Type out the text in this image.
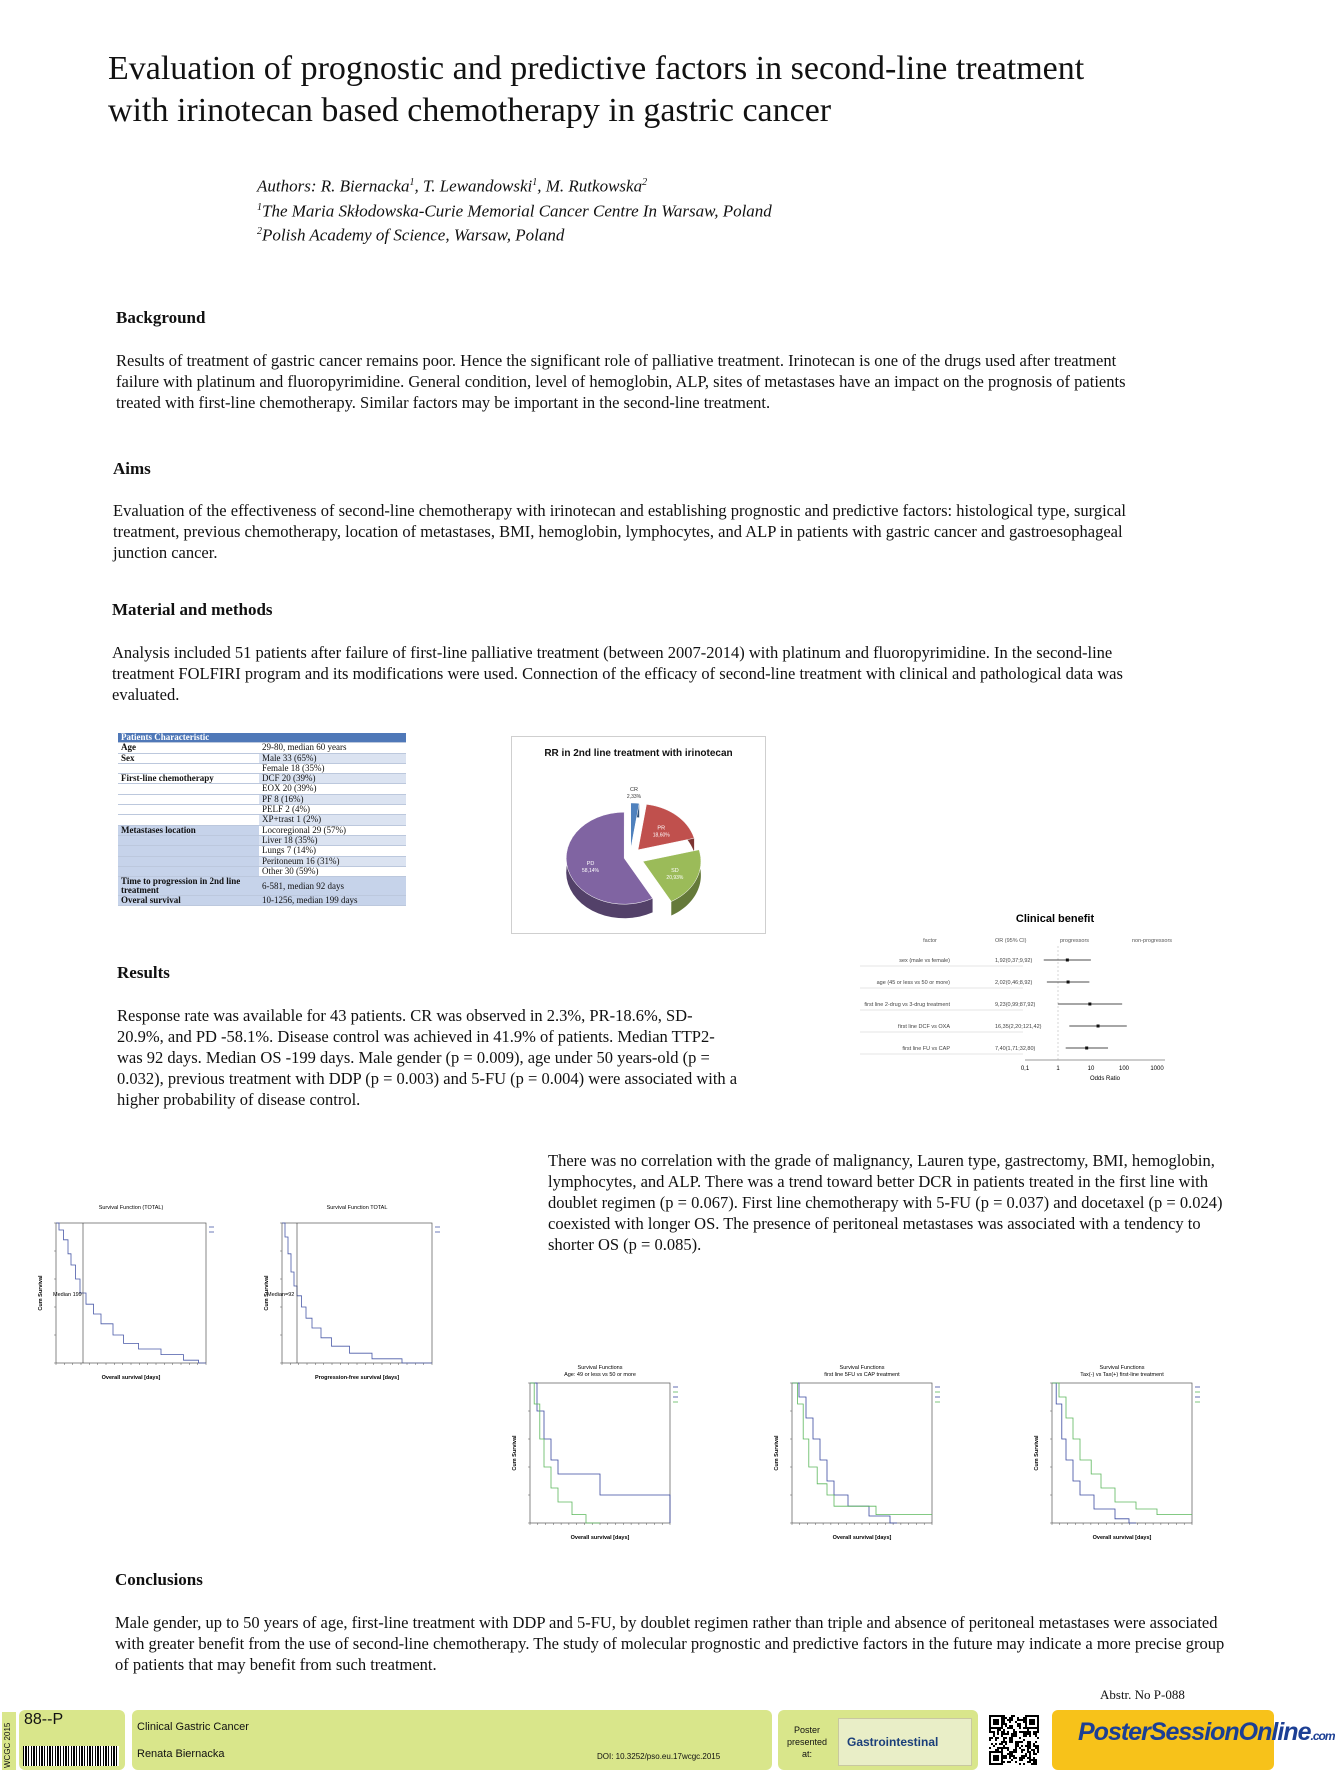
Evaluation of prognostic and predictive factors in second-line treatment
with irinotecan based chemotherapy in gastric cancer
Authors: R. Biernacka$^1$, T. Lewandowski$^1$, M. Rutkowska$^2$
$^1$The Maria Skłodowska-Curie Memorial Cancer Centre In Warsaw, Poland
$^2$Polish Academy of Science, Warsaw, Poland
Background
Results of treatment of gastric cancer remains poor. Hence the significant role of palliative treatment. Irinotecan is one of the drugs used after treatment failure with platinum and fluoropyrimidine. General condition, level of hemoglobin, ALP, sites of metastases have an impact on the prognosis of patients treated with first-line chemotherapy. Similar factors may be important in the second-line treatment.
Aims
Evaluation of the effectiveness of second-line chemotherapy with irinotecan and establishing prognostic and predictive factors: histological type, surgical treatment, previous chemotherapy, location of metastases, BMI, hemoglobin, lymphocytes, and ALP in patients with gastric cancer and gastroesophageal junction cancer.
Material and methods
Analysis included 51 patients after failure of first-line palliative treatment (between 2007-2014) with platinum and fluoropyrimidine. In the second-line treatment FOLFIRI program and its modifications were used. Connection of the efficacy of second-line treatment with clinical and pathological data was evaluated.
Patients Characteristic	
Age	29-80, median 60 years
Sex	Male 33 (65%)
	Female 18 (35%)
First-line chemotherapy	DCF 20 (39%)
	EOX 20 (39%)
	PF 8 (16%)
	PELF 2 (4%)
	XP+trast 1 (2%)
Metastases location	Locoregional 29 (57%)
	Liver 18 (35%)
	Lungs 7 (14%)
	Peritoneum 16 (31%)
	Other 30 (59%)
Time to progression in 2nd line treatment	6-581, median 92 days
Overal survival	10-1256, median 199 days
RR in 2nd line treatment with irinotecan
CR
2,33%
PR
18,60%
SD
20,93%
PD
58,14%
Clinical benefit
factor	OR (95% CI)	progressors	non-progressors
0,1	1	10	100	1000
Odds Ratio
sex (male vs female)	1,92(0,37;9,92)
age (45 or less vs 50 or more)	2,02(0,46;8,92)
first line 2-drug vs 3-drug treatment	9,23(0,99;87,92)
first line DCF vs OXA	16,35(2,20;121,42)
first line FU vs CAP	7,40(1,71;32,80)
Results
Response rate was available for 43 patients. CR was observed in 2.3%, PR-18.6%, SD-20.9%, and PD -58.1%. Disease control was achieved in 41.9% of patients. Median TTP2-was 92 days. Median OS -199 days. Male gender (p = 0.009), age under 50 years-old (p = 0.032), previous treatment with DDP (p = 0.003) and 5-FU (p = 0.004) were associated with a higher probability of disease control.
There was no correlation with the grade of malignancy, Lauren type, gastrectomy, BMI, hemoglobin, lymphocytes, and ALP. There was a trend toward better DCR in patients treated in the first line with doublet regimen (p = 0.067). First line chemotherapy with 5-FU (p = 0.037) and docetaxel (p = 0.024) coexisted with longer OS. The presence of peritoneal metastases was associated with a tendency to shorter OS (p = 0.085).
Survival Function (TOTAL)
Overall survival [days]
Cum Survival Median 199
Survival Function TOTAL
Progression-free survival [days]
Cum Survival
Median=92
Survival Functions
Age: 49 or less vs 50 or more
Overall survival [days]
Cum Survival
Survival Functions
first line 5FU vs CAP treatment
Overall survival [days]
Cum Survival
Survival Functions
Tax(-) vs Tax(+) first-line treatment
Overall survival [days]
Cum Survival
Conclusions
Male gender, up to 50 years of age, first-line treatment with DDP and 5-FU, by doublet regimen rather than triple and absence of peritoneal metastases were associated with greater benefit from the use of second-line chemotherapy. The study of molecular prognostic and predictive factors in the future may indicate a more precise group of patients that may benefit from such treatment.
Abstr. No P-088
WCGC 2015
88--P	Clinical Gastric Cancer
Renata Biernacka	DOI: 10.3252/pso.eu.17wcgc.2015
Poster presented at:
Gastrointestinal	PosterSessionOnline.com
